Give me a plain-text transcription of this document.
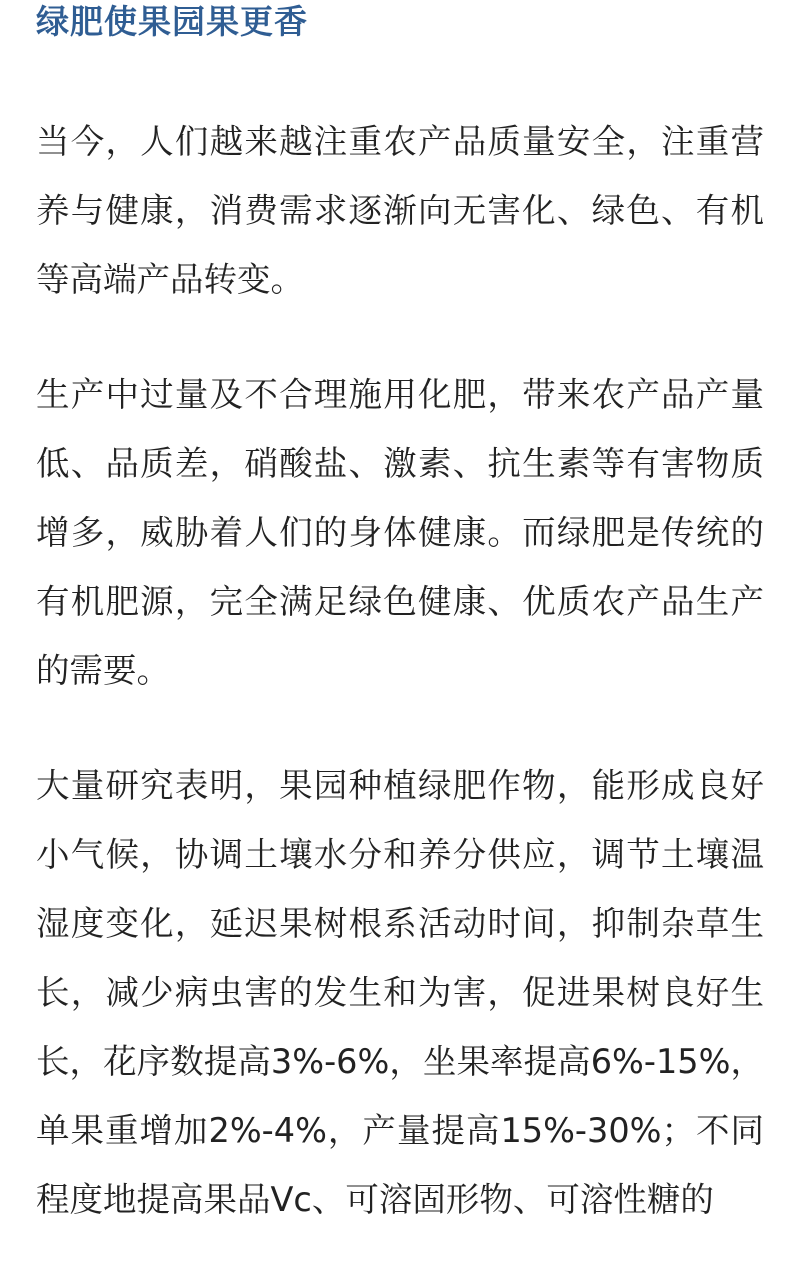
绿肥使果园果更香

当今，人们越来越注重农产品质量安全，注重营养与健康，消费需求逐渐向无害化、绿色、有机等高端产品转变。

生产中过量及不合理施用化肥，带来农产品产量低、品质差，硝酸盐、激素、抗生素等有害物质增多，威胁着人们的身体健康。而绿肥是传统的有机肥源，完全满足绿色健康、优质农产品生产的需要。

大量研究表明，果园种植绿肥作物，能形成良好小气候，协调土壤水分和养分供应，调节土壤温湿度变化，延迟果树根系活动时间，抑制杂草生长，减少病虫害的发生和为害，促进果树良好生长，花序数提高3%-6%，坐果率提高6%-15%，单果重增加2%-4%，产量提高15%-30%；不同程度地提高果品Vc、可溶固形物、可溶性糖的
